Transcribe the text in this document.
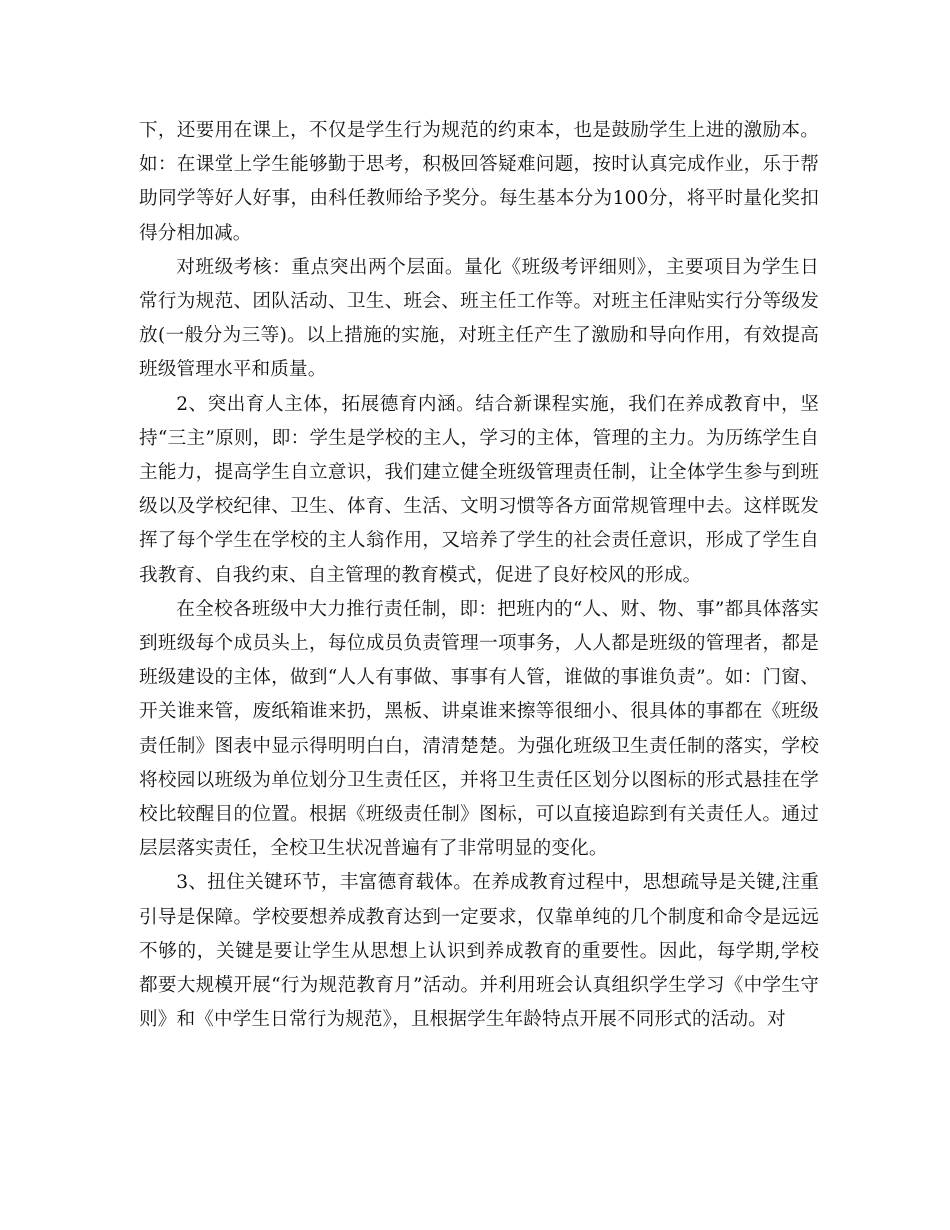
下，还要用在课上，不仅是学生行为规范的约束本，也是鼓励学生上进的激励本。如：在课堂上学生能够勤于思考，积极回答疑难问题，按时认真完成作业，乐于帮助同学等好人好事，由科任教师给予奖分。每生基本分为100分，将平时量化奖扣得分相加减。

对班级考核：重点突出两个层面。量化《班级考评细则》，主要项目为学生日常行为规范、团队活动、卫生、班会、班主任工作等。对班主任津贴实行分等级发放(一般分为三等)。以上措施的实施，对班主任产生了激励和导向作用，有效提高班级管理水平和质量。

2、突出育人主体，拓展德育内涵。结合新课程实施，我们在养成教育中，坚持“三主”原则，即：学生是学校的主人，学习的主体，管理的主力。为历练学生自主能力，提高学生自立意识，我们建立健全班级管理责任制，让全体学生参与到班级以及学校纪律、卫生、体育、生活、文明习惯等各方面常规管理中去。这样既发挥了每个学生在学校的主人翁作用，又培养了学生的社会责任意识，形成了学生自我教育、自我约束、自主管理的教育模式，促进了良好校风的形成。

在全校各班级中大力推行责任制，即：把班内的“人、财、物、事”都具体落实到班级每个成员头上，每位成员负责管理一项事务，人人都是班级的管理者，都是班级建设的主体，做到“人人有事做、事事有人管，谁做的事谁负责”。如：门窗、开关谁来管，废纸箱谁来扔，黑板、讲桌谁来擦等很细小、很具体的事都在《班级责任制》图表中显示得明明白白，清清楚楚。为强化班级卫生责任制的落实，学校将校园以班级为单位划分卫生责任区，并将卫生责任区划分以图标的形式悬挂在学校比较醒目的位置。根据《班级责任制》图标，可以直接追踪到有关责任人。通过层层落实责任，全校卫生状况普遍有了非常明显的变化。

3、扭住关键环节，丰富德育载体。在养成教育过程中，思想疏导是关键,注重引导是保障。学校要想养成教育达到一定要求，仅靠单纯的几个制度和命令是远远不够的，关键是要让学生从思想上认识到养成教育的重要性。因此，每学期,学校都要大规模开展“行为规范教育月”活动。并利用班会认真组织学生学习《中学生守则》和《中学生日常行为规范》，且根据学生年龄特点开展不同形式的活动。对
